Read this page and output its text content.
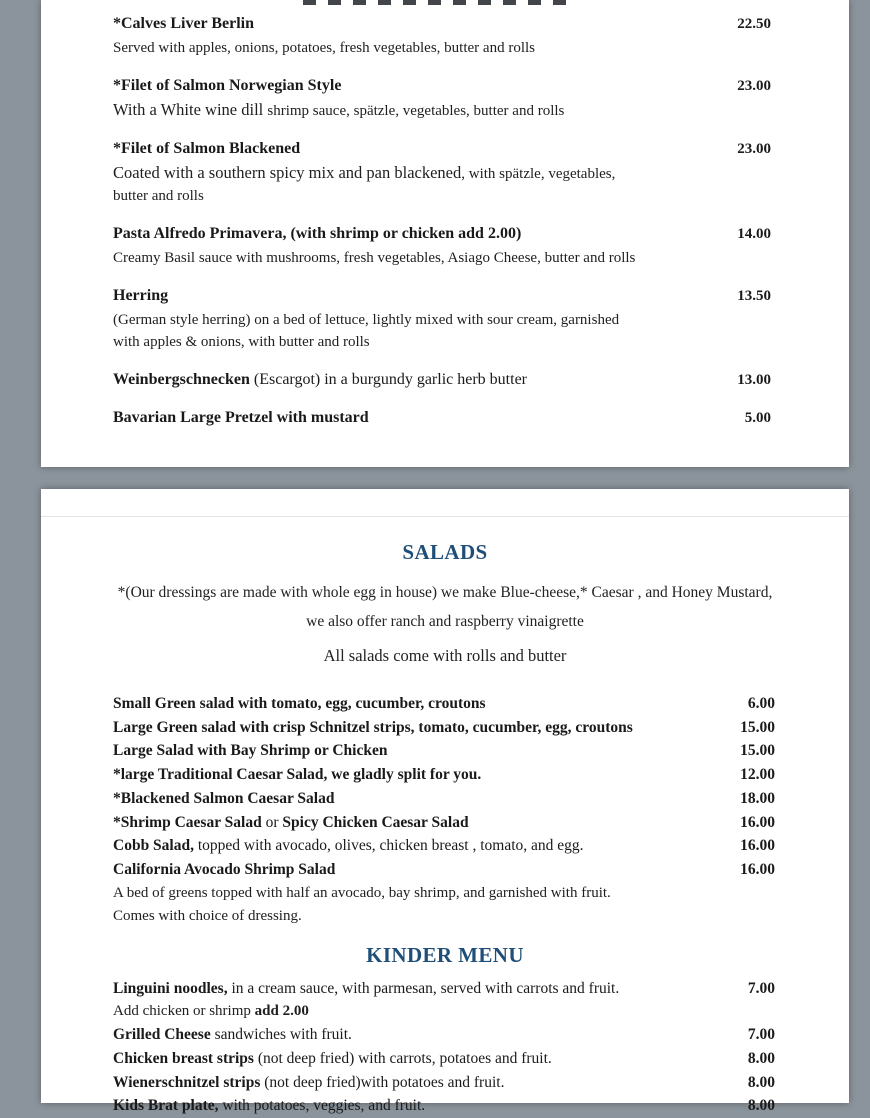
*Calves Liver Berlin	22.50
Served with apples, onions, potatoes, fresh vegetables, butter and rolls
*Filet of Salmon Norwegian Style	23.00
With a White wine dill shrimp sauce, spätzle, vegetables, butter and rolls
*Filet of Salmon Blackened	23.00
Coated with a southern spicy mix and pan blackened, with spätzle, vegetables,
butter and rolls
Pasta Alfredo Primavera, (with shrimp or chicken add 2.00)	14.00
Creamy Basil sauce with mushrooms, fresh vegetables, Asiago Cheese, butter and rolls
Herring	13.50
(German style herring) on a bed of lettuce, lightly mixed with sour cream, garnished
with apples & onions, with butter and rolls
Weinbergschnecken (Escargot) in a burgundy garlic herb butter	13.00
Bavarian Large Pretzel with mustard	5.00
SALADS
*(Our dressings are made with whole egg in house) we make Blue-cheese,* Caesar , and Honey Mustard,
we also offer ranch and raspberry vinaigrette
All salads come with rolls and butter
Small Green salad with tomato, egg, cucumber, croutons	6.00
Large Green salad with crisp Schnitzel strips, tomato, cucumber, egg, croutons	15.00
Large Salad with Bay Shrimp or Chicken	15.00
*large Traditional Caesar Salad, we gladly split for you.	12.00
*Blackened Salmon Caesar Salad	18.00
*Shrimp Caesar Salad or Spicy Chicken Caesar Salad	16.00
Cobb Salad, topped with avocado, olives, chicken breast , tomato, and egg.	16.00
California Avocado Shrimp Salad	16.00
A bed of greens topped with half an avocado, bay shrimp, and garnished with fruit.
Comes with choice of dressing.
KINDER MENU
Linguini noodles, in a cream sauce, with parmesan, served with carrots and fruit.	7.00
Add chicken or shrimp add 2.00
Grilled Cheese sandwiches with fruit.	7.00
Chicken breast strips (not deep fried) with carrots, potatoes and fruit.	8.00
Wienerschnitzel strips (not deep fried)with potatoes and fruit.	8.00
Kids Brat plate, with potatoes, veggies, and fruit.	8.00
